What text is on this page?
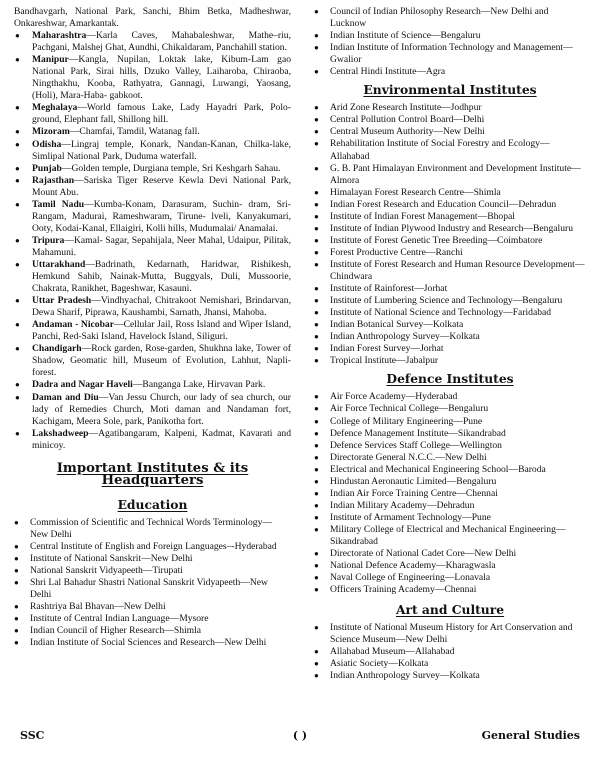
Bandhavgarh, National Park, Sanchi, Bhim Betka, Madheshwar, Onkareshwar, Amarkantak.
● Maharashtra—Karla Caves, Mahabaleshwar, Mathe–riu, Pachgani, Malshej Ghat, Aundhi, Chikaldaram, Panchahill station.
● Manipur—Kangla, Nupilan, Loktak lake, Kibum-Lam gao National Park, Sirai hills, Dzuko Valley, Laiharoba, Chiraoba, Ningthakhu, Kooba, Rathyatra, Gannagi, Luwangi, Yaosang, (Holi), Mara-Haba- gabkoot.
● Meghalaya—World famous Lake, Lady Hayadri Park, Polo-ground, Elephant fall, Shillong hill.
● Mizoram—Chamfai, Tamdil, Watanag fall.
● Odisha—Lingraj temple, Konark, Nandan-Kanan, Chilka-lake, Simlipal National Park, Duduma waterfall.
● Punjab—Golden temple, Durgiana temple, Sri Keshgarh Sahau.
● Rajasthan—Sariska Tiger Reserve Kewla Devi National Park, Mount Abu.
● Tamil Nadu—Kumba-Konam, Darasuram, Suchin- dram, Sri-Rangam, Madurai, Rameshwaram, Tirune- lveli, Kanyakumari, Ooty, Kodai-Kanal, Ellaigiri, Kolli hills, Mudumalai/ Anamalai.
● Tripura—Kamal- Sagar, Sepahijala, Neer Mahal, Udaipur, Pilitak, Mahamuni.
● Uttarakhand—Badrinath, Kedarnath, Haridwar, Rishikesh, Hemkund Sahib, Nainak-Mutta, Buggyals, Duli, Mussoorie, Chakrata, Ranikhet, Bageshwar, Kasauni.
● Uttar Pradesh—Vindhyachal, Chitrakoot Nemishari, Brindarvan, Dewa Sharif, Piprawa, Kaushambi, Sarnath, Jhansi, Mahoba.
● Andaman - Nicobar—Cellular Jail, Ross Island and Wiper Island, Panchi, Red-Saki Island, Havelock Island, Siliguri.
● Chandigarh—Rock garden, Rose-garden, Shukhna lake, Tower of Shadow, Geomatic hill, Museum of Evolution, Lahhut, Napli-forest.
● Dadra and Nagar Haveli—Banganga Lake, Hirvavan Park.
● Daman and Diu—Van Jessu Church, our lady of sea church, our lady of Remedies Church, Moti daman and Nandaman fort, Kachigam, Meera Sole, park, Panikotha fort.
● Lakshadweep—Agatibangaram, Kalpeni, Kadmat, Kavarati and minicoy.
Important Institutes & its Headquarters
Education
● Commission of Scientific and Technical Words Terminology— New Delhi
● Central Institute of English and Foreign Languages–-Hyderabad
● Institute of National Sanskrit—New Delhi
● National Sanskrit Vidyapeeth—Tirupati
● Shri Lal Bahadur Shastri National Sanskrit Vidyapeeth—New Delhi
● Rashtriya Bal Bhavan—New Delhi
● Institute of Central Indian Language—Mysore
● Indian Council of Higher Research—Shimla
● Indian Institute of Social Sciences and Research—New Delhi
● Council of Indian Philosophy Research—New Delhi and Lucknow
● Indian Institute of Science—Bengaluru
● Indian Institute of Information Technology and Management—Gwalior
● Central Hindi Institute—Agra
Environmental Institutes
● Arid Zone Research Institute—Jodhpur
● Central Pollution Control Board—Delhi
● Central Museum Authority—New Delhi
● Rehabilitation Institute of Social Forestry and Ecology—Allahabad
● G. B. Pant Himalayan Environment and Development Institute—Almora
● Himalayan Forest Research Centre—Shimla
● Indian Forest Research and Education Council—Dehradun
● Institute of Indian Forest Management—Bhopal
● Institute of Indian Plywood Industry and Research—Bengaluru
● Institute of Forest Genetic Tree Breeding—Coimbatore
● Forest Productive Centre—Ranchi
● Institute of Forest Research and Human Resource Development—Chindwara
● Institute of Rainforest—Jorhat
● Institute of Lumbering Science and Technology—Bengaluru
● Institute of National Science and Technology—Faridabad
● Indian Botanical Survey—Kolkata
● Indian Anthropology Survey—Kolkata
● Indian Forest Survey—Jorhat
● Tropical Institute—Jabalpur
Defence Institutes
● Air Force Academy—Hyderabad
● Air Force Technical College—Bengaluru
● College of Military Engineering—Pune
● Defence Management Institute—Sikandrabad
● Defence Services Staff College—Wellington
● Directorate General N.C.C.—New Delhi
● Electrical and Mechanical Engineering School—Baroda
● Hindustan Aeronautic Limited—Bengaluru
● Indian Air Force Training Centre—Chennai
● Indian Military Academy—Dehradun
● Institute of Armament Technology—Pune
● Military College of Electrical and Mechanical Engineering—Sikandrabad
● Directorate of National Cadet Core—New Delhi
● National Defence Academy—Kharagwasla
● Naval College of Engineering—Lonavala
● Officers Training Academy—Chennai
Art and Culture
● Institute of National Museum History for Art Conservation and Science Museum—New Delhi
● Allahabad Museum—Allahabad
● Asiatic Society—Kolkata
● Indian Anthropology Survey—Kolkata
SSC	( )	General Studies
